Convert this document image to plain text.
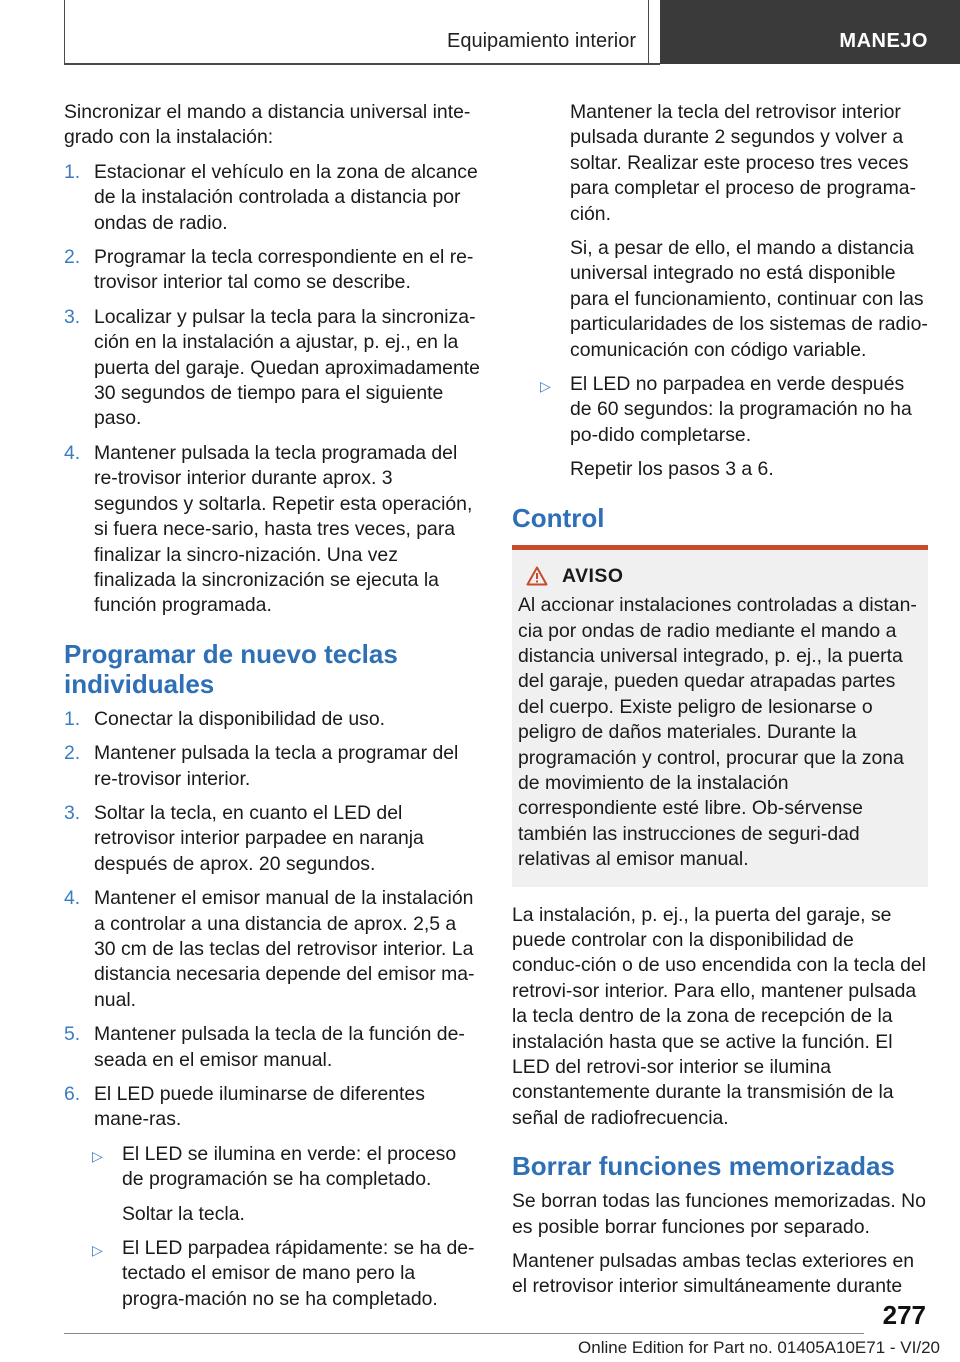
Equipamiento interior	MANEJO
Sincronizar el mando a distancia universal inte-grado con la instalación:
1. Estacionar el vehículo en la zona de alcance de la instalación controlada a distancia por ondas de radio.
2. Programar la tecla correspondiente en el re-trovisor interior tal como se describe.
3. Localizar y pulsar la tecla para la sincroniza-ción en la instalación a ajustar, p. ej., en la puerta del garaje. Quedan aproximadamente 30 segundos de tiempo para el siguiente paso.
4. Mantener pulsada la tecla programada del re-trovisor interior durante aprox. 3 segundos y soltarla. Repetir esta operación, si fuera nece-sario, hasta tres veces, para finalizar la sincro-nización. Una vez finalizada la sincronización se ejecuta la función programada.
Programar de nuevo teclas individuales
1. Conectar la disponibilidad de uso.
2. Mantener pulsada la tecla a programar del re-trovisor interior.
3. Soltar la tecla, en cuanto el LED del retrovisor interior parpadee en naranja después de aprox. 20 segundos.
4. Mantener el emisor manual de la instalación a controlar a una distancia de aprox. 2,5 a 30 cm de las teclas del retrovisor interior. La distancia necesaria depende del emisor ma-nual.
5. Mantener pulsada la tecla de la función de-seada en el emisor manual.
6. El LED puede iluminarse de diferentes mane-ras.
▷ El LED se ilumina en verde: el proceso de programación se ha completado.
Soltar la tecla.
▷ El LED parpadea rápidamente: se ha de-tectado el emisor de mano pero la progra-mación no se ha completado.
Mantener la tecla del retrovisor interior pulsada durante 2 segundos y volver a soltar. Realizar este proceso tres veces para completar el proceso de programa-ción.
Si, a pesar de ello, el mando a distancia universal integrado no está disponible para el funcionamiento, continuar con las particularidades de los sistemas de radio-comunicación con código variable.
▷ El LED no parpadea en verde después de 60 segundos: la programación no ha po-dido completarse.
Repetir los pasos 3 a 6.
Control
AVISO
Al accionar instalaciones controladas a distan-cia por ondas de radio mediante el mando a distancia universal integrado, p. ej., la puerta del garaje, pueden quedar atrapadas partes del cuerpo. Existe peligro de lesionarse o peligro de daños materiales. Durante la programación y control, procurar que la zona de movimiento de la instalación correspondiente esté libre. Ob-sérvense también las instrucciones de seguri-dad relativas al emisor manual.
La instalación, p. ej., la puerta del garaje, se puede controlar con la disponibilidad de conduc-ción o de uso encendida con la tecla del retrovi-sor interior. Para ello, mantener pulsada la tecla dentro de la zona de recepción de la instalación hasta que se active la función. El LED del retrovi-sor interior se ilumina constantemente durante la transmisión de la señal de radiofrecuencia.
Borrar funciones memorizadas
Se borran todas las funciones memorizadas. No es posible borrar funciones por separado.
Mantener pulsadas ambas teclas exteriores en el retrovisor interior simultáneamente durante
277
Online Edition for Part no. 01405A10E71 - VI/20
